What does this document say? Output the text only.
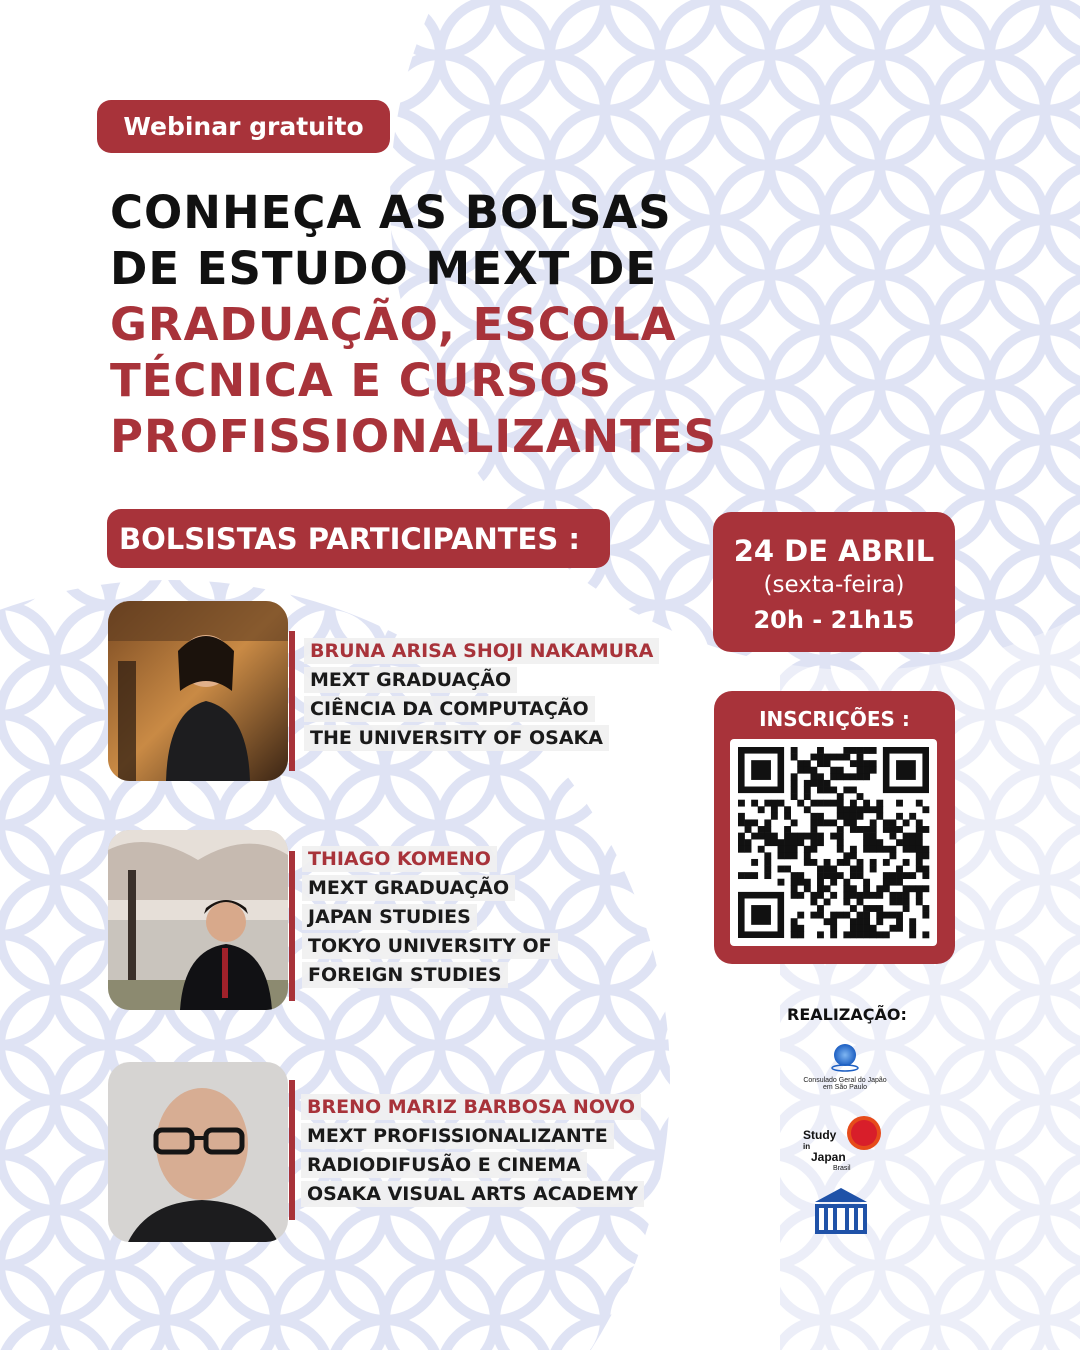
Webinar gratuito
CONHEÇA AS BOLSAS
DE ESTUDO MEXT DE
GRADUAÇÃO, ESCOLA
TÉCNICA E CURSOS
PROFISSIONALIZANTES
BOLSISTAS PARTICIPANTES :	24 DE ABRIL
(sexta-feira)
20h - 21h15
INSCRIÇÕES :
BRUNA ARISA SHOJI NAKAMURA
MEXT GRADUAÇÃO
CIÊNCIA DA COMPUTAÇÃO
THE UNIVERSITY OF OSAKA
THIAGO KOMENO
MEXT GRADUAÇÃO
JAPAN STUDIES
TOKYO UNIVERSITY OF
FOREIGN STUDIES
BRENO MARIZ BARBOSA NOVO
MEXT PROFISSIONALIZANTE
RADIODIFUSÃO E CINEMA
OSAKA VISUAL ARTS ACADEMY
REALIZAÇÃO:
Consulado Geral do Japão
em São Paulo
Study
in
Japan
Brasil
